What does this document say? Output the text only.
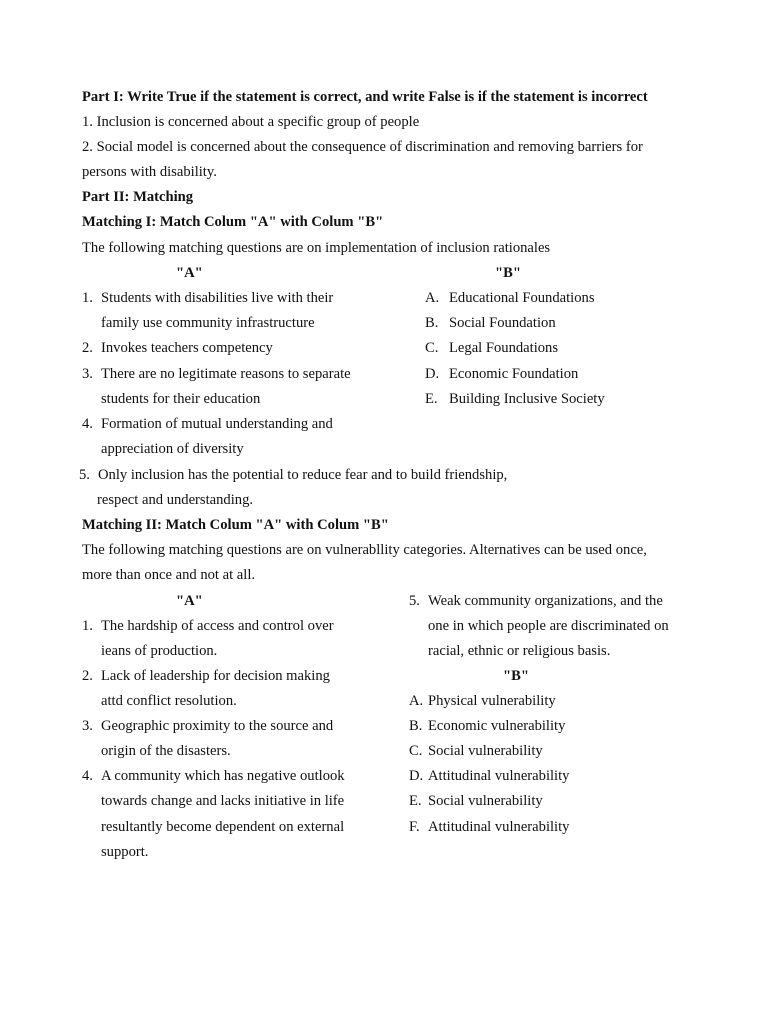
Part I: Write True if the statement is correct, and write False is if the statement is incorrect
1. Inclusion is concerned about a specific group of people
2. Social model is concerned about the consequence of discrimination and removing barriers for
persons with disability.
Part II: Matching
Matching I: Match Colum "A" with Colum "B"
The following matching questions are on implementation of inclusion rationales
"A"	"B"
1. Students with disabilities live with their
family use community infrastructure
2. Invokes teachers competency
3. There are no legitimate reasons to separate
students for their education
4. Formation of mutual understanding and
appreciation of diversity
5. Only inclusion has the potential to reduce fear and to build friendship,
respect and understanding.
A. Educational Foundations
B. Social Foundation
C. Legal Foundations
D. Economic Foundation
E. Building Inclusive Society
Matching II: Match Colum "A" with Colum "B"
The following matching questions are on vulnerabllity categories. Alternatives can be used once,
more than once and not at all.
"A"
1. The hardship of access and control over
ieans of production.
2. Lack of leadership for decision making
attd conflict resolution.
3. Geographic proximity to the source and
origin of the disasters.
4. A community which has negative outlook
towards change and lacks initiative in life
resultantly become dependent on external
support.
5. Weak community organizations, and the
one in which people are discriminated on
racial, ethnic or religious basis.
"B"
A. Physical vulnerability
B. Economic vulnerability
C. Social vulnerability
D. Attitudinal vulnerability
E. Social vulnerability
F. Attitudinal vulnerability
